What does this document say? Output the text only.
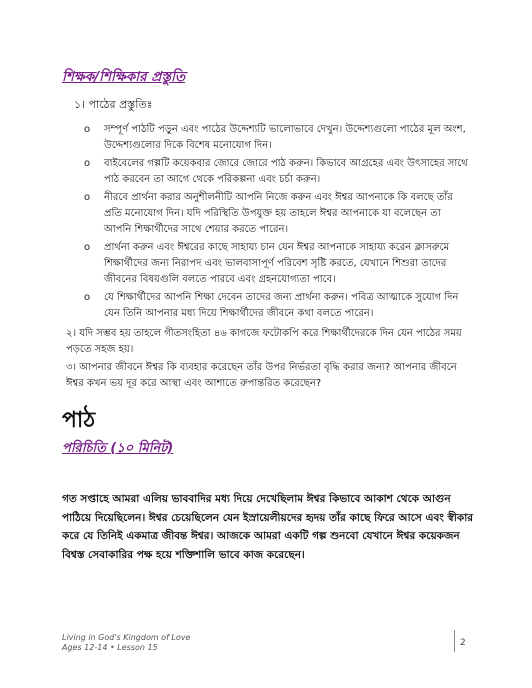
শিক্ষক/শিক্ষিকার প্রস্তুতি

১। পাঠের প্রস্তুতিঃ

o সম্পূর্ণ পাঠটি পড়ুন এবং পাঠের উদ্দেশ্যটি ভালোভাবে দেখুন। উদ্দেশ্যগুলো পাঠের মূল অংশ, উদ্দেশ্যগুলোর দিকে বিশেষ মনোযোগ দিন।
o বাইবেলের গল্পটি কয়েকবার জোরে জোরে পাঠ করুন। কিভাবে আগ্রহের এবং উৎসাহের সাথে পাঠ করবেন তা আগে থেকে পরিকল্পনা এবং চর্চা করুন।
o নীরবে প্রার্থনা করার অনুশীলনীটি আপনি নিজে করুন এবং ঈশ্বর আপনাকে কি বলছে তাঁর প্রতি মনোযোগ দিন। যদি পরিস্থিতি উপযুক্ত হয় তাহলে ঈশ্বর আপনাকে যা বলেছেন তা আপনি শিক্ষার্থীদের সাথে শেয়ার করতে পারেন।
o প্রার্থনা করুন এবং ঈশ্বরের কাছে সাহায্য চান যেন ঈশ্বর আপনাকে সাহায্য করেন ক্লাসরুমে শিক্ষার্থীদের জন্য নিরাপদ এবং ভালবাসাপূর্ণ পরিবেশ সৃষ্টি করতে, যেখানে শিশুরা তাদের জীবনের বিষয়গুলি বলতে পারবে এবং গ্রহনযোগ্যতা পাবে।
o যে শিক্ষার্থীদের আপনি শিক্ষা দেবেন তাদের জন্য প্রার্থনা করুন। পবিত্র আত্মাকে সুযোগ দিন যেন তিনি আপনার মধ্য দিয়ে শিক্ষার্থীদের জীবনে কথা বলতে পারেন।

২। যদি সম্ভব হয় তাহলে গীতসংহিতা ৪৬ কাগজে ফটোকপি করে শিক্ষার্থীদেরকে দিন যেন পাঠের সময় পড়তে সহজ হয়।

৩। আপনার জীবনে ঈশ্বর কি ব্যবহার করেছেন তাঁর উপর নির্ভরতা বৃদ্ধি করার জন্য? আপনার জীবনে ঈশ্বর কখন ভয় দূর করে আস্থা এবং আশাতে রুপান্তরিত করেছেন?

পাঠ
পরিচিতি (১০ মিনিট)

গত সপ্তাহে আমরা এলিয় ভাববাদির মধ্য দিয়ে দেখেছিলাম ঈশ্বর কিভাবে আকাশ থেকে আগুন পাঠিয়ে দিয়েছিলেন। ঈশ্বর চেয়েছিলেন যেন ইস্রায়েলীয়দের হৃদয় তাঁর কাছে ফিরে আসে এবং স্বীকার করে যে তিনিই একমাত্র জীবন্ত ঈশ্বর। আজকে আমরা একটি গল্প শুনবো যেখানে ঈশ্বর কয়েকজন বিশ্বস্ত সেবাকারির পক্ষ হয়ে শক্তিশালি ভাবে কাজ করেছেন।

Living in God's Kingdom of Love
Ages 12-14 • Lesson 15	2
